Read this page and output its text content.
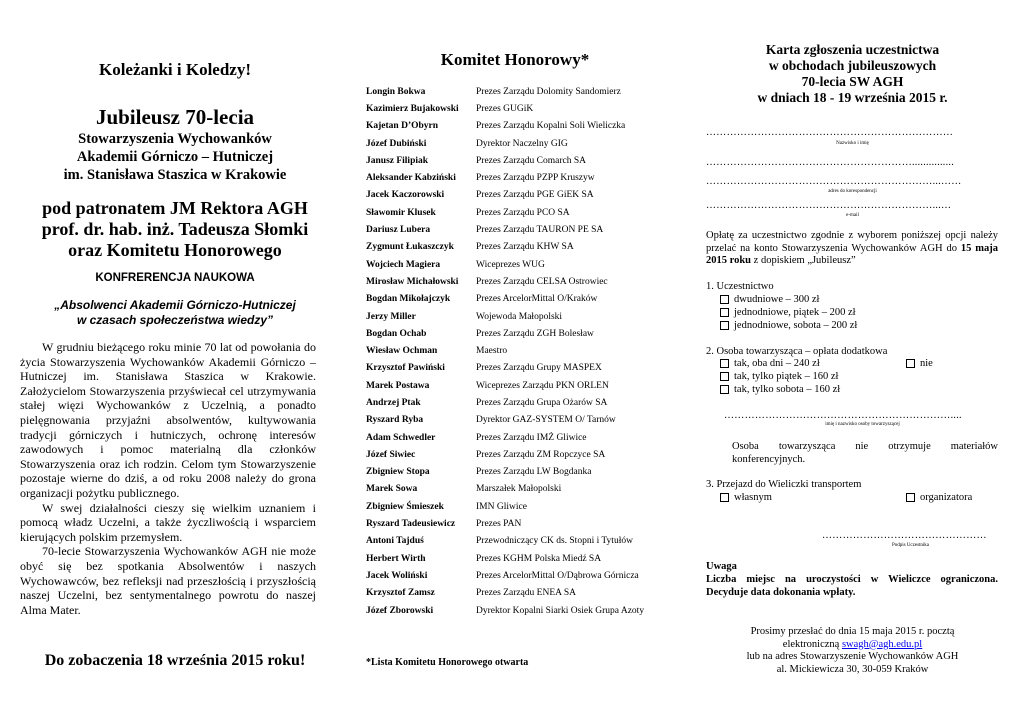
Koleżanki i Koledzy!
Jubileusz 70-lecia
Stowarzyszenia Wychowanków
Akademii Górniczo – Hutniczej
im. Stanisława Staszica w Krakowie
pod patronatem JM Rektora AGH
prof. dr. hab. inż. Tadeusza Słomki
oraz Komitetu Honorowego
KONFRERENCJA NAUKOWA
„Absolwenci Akademii Górniczo-Hutniczej
w czasach społeczeństwa wiedzy”

W grudniu bieżącego roku minie 70 lat od powołania do życia Stowarzyszenia Wychowanków Akademii Górniczo – Hutniczej im. Stanisława Staszica w Krakowie. Założycielom Stowarzyszenia przyświecał cel utrzymywania stałej więzi Wychowanków z Uczelnią, a ponadto pielęgnowania przyjaźni absolwentów, kultywowania tradycji górniczych i hutniczych, ochronę interesów zawodowych i pomoc materialną dla członków Stowarzyszenia oraz ich rodzin. Celom tym Stowarzyszenie pozostaje wierne do dziś, a od roku 2008 należy do grona organizacji pożytku publicznego.

W swej działalności cieszy się wielkim uznaniem i pomocą władz Uczelni, a także życzliwością i wsparciem kierujących polskim przemysłem.

70-lecie Stowarzyszenia Wychowanków AGH nie może obyć się bez spotkania Absolwentów i naszych Wychowawców, bez refleksji nad przeszłością i przyszłością naszej Uczelni, bez sentymentalnego powrotu do naszej Alma Mater.

Do zobaczenia 18 września 2015 roku!
Komitet Honorowy*
Longin Bokwa	Prezes Zarządu Dolomity Sandomierz
Kazimierz Bujakowski	Prezes GUGiK
Kajetan D’Obyrn	Prezes Zarządu Kopalni Soli Wieliczka
Józef Dubiński	Dyrektor Naczelny GIG
Janusz Filipiak	Prezes Zarządu Comarch SA
Aleksander Kabziński	Prezes Zarządu PZPP Kruszyw
Jacek Kaczorowski	Prezes Zarządu PGE GiEK SA
Sławomir Klusek	Prezes Zarządu PCO SA
Dariusz Lubera	Prezes Zarządu TAURON PE SA
Zygmunt Łukaszczyk	Prezes Zarządu KHW SA
Wojciech Magiera	Wiceprezes WUG
Mirosław Michałowski	Prezes Zarządu CELSA Ostrowiec
Bogdan Mikołajczyk	Prezes ArcelorMittal O/Kraków
Jerzy Miller	Wojewoda Małopolski
Bogdan Ochab	Prezes Zarządu ZGH Bolesław
Wiesław Ochman	Maestro
Krzysztof Pawiński	Prezes Zarządu Grupy MASPEX
Marek Postawa	Wiceprezes Zarządu PKN ORLEN
Andrzej Ptak	Prezes Zarządu Grupa Ożarów SA
Ryszard Ryba	Dyrektor GAZ-SYSTEM O/ Tarnów
Adam Schwedler	Prezes Zarządu IMŻ Gliwice
Józef Siwiec	Prezes Zarządu ZM Ropczyce SA
Zbigniew Stopa	Prezes Zarządu LW Bogdanka
Marek Sowa	Marszałek Małopolski
Zbigniew Śmieszek	IMN Gliwice
Ryszard Tadeusiewicz	Prezes PAN
Antoni Tajduś	Przewodniczący CK ds. Stopni i Tytułów
Herbert Wirth	Prezes KGHM Polska Miedź SA
Jacek Woliński	Prezes ArcelorMittal O/Dąbrowa Górnicza
Krzysztof Zamsz	Prezes Zarządu ENEA SA
Józef Zborowski	Dyrektor Kopalni Siarki Osiek Grupa Azoty
*Lista Komitetu Honorowego otwarta
Karta zgłoszenia uczestnictwa
w obchodach jubileuszowych
70-lecia SW AGH
w dniach 18 - 19 września 2015 r.
………………………………………………………………
Nazwisko i imię
……………………………………………………...............
…………………………………………………………...……
adres do korespondencji
…………………………………………………………...…
e-mail
Opłatę za uczestnictwo zgodnie z wyborem poniższej opcji należy przelać na konto Stowarzyszenia Wychowanków AGH do 15 maja 2015 roku z dopiskiem „Jubileusz”
1. Uczestnictwo
dwudniowe – 300 zł
jednodniowe, piątek – 200 zł
jednodniowe, sobota – 200 zł
2. Osoba towarzysząca – opłata dodatkowa
tak, oba dni – 240 zł	nie
tak, tylko piątek – 160 zł
tak, tylko sobota – 160 zł
…………………………………………………………....
imię i nazwisko osoby towarzyszącej
Osoba towarzysząca nie otrzymuje materiałów konferencyjnych.
3. Przejazd do Wieliczki transportem
własnym	organizatora
…………………………………………
Podpis Uczestnika
Uwaga
Liczba miejsc na uroczystości w Wieliczce ograniczona. Decyduje data dokonania wpłaty.
Prosimy przesłać do dnia 15 maja 2015 r. pocztą
elektroniczną swagh@agh.edu.pl
lub na adres Stowarzyszenie Wychowanków AGH
al. Mickiewicza 30, 30-059 Kraków
